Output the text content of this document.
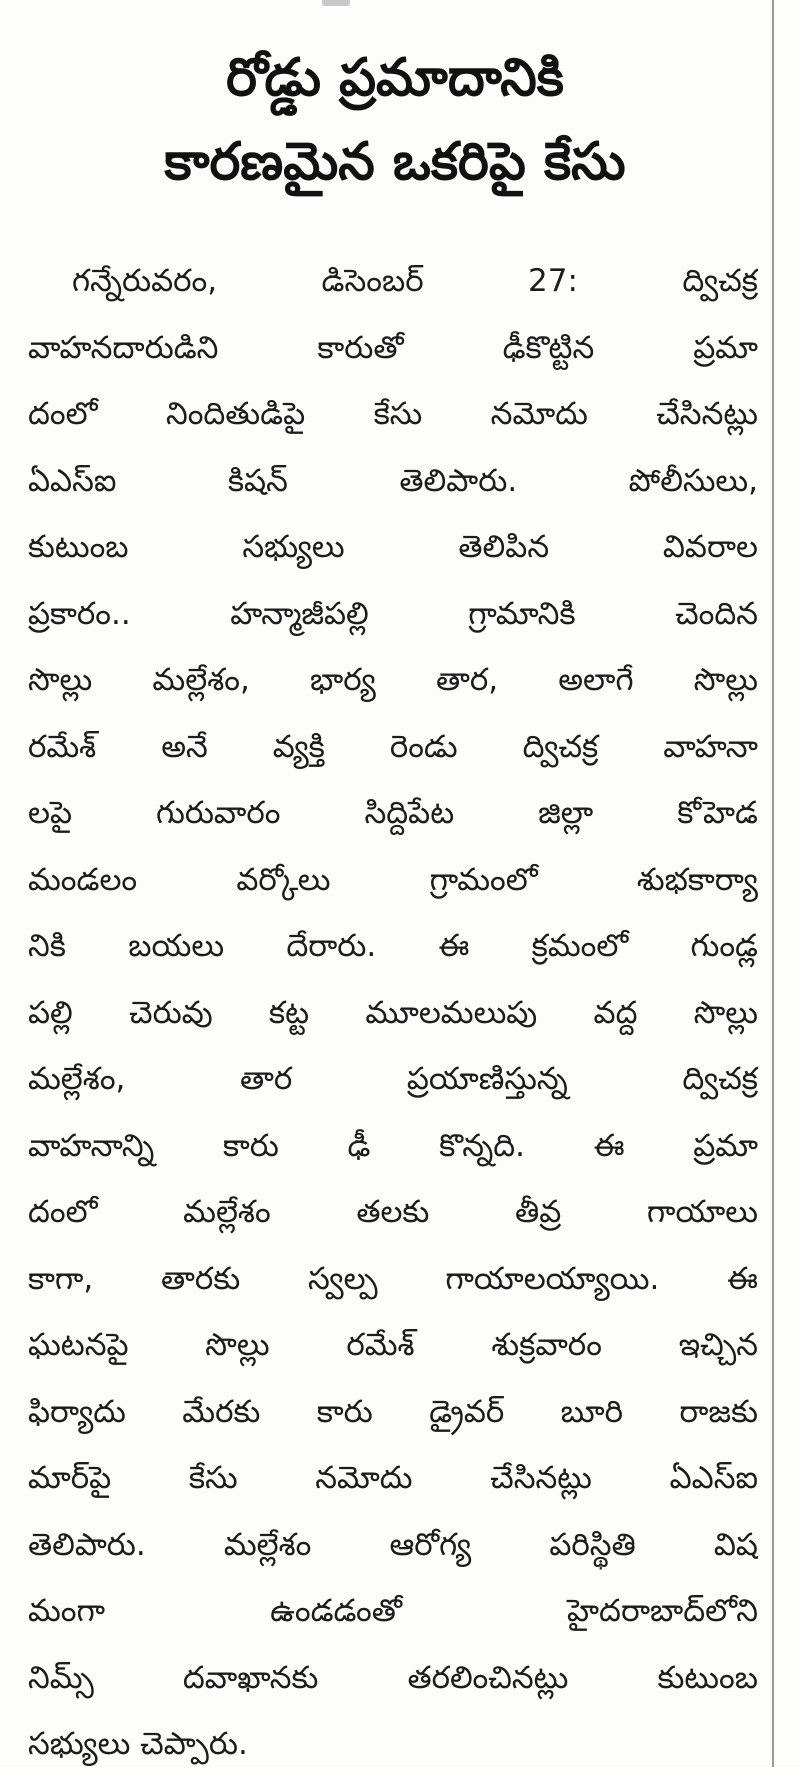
రోడ్డు ప్రమాదానికి
కారణమైన ఒకరిపై కేసు
గన్నేరువరం, డిసెంబర్ 27: ద్విచక్ర
వాహనదారుడిని కారుతో ఢీకొట్టిన ప్రమా
దంలో నిందితుడిపై కేసు నమోదు చేసినట్లు
ఏఎస్ఐ కిషన్ తెలిపారు. పోలీసులు,
కుటుంబ సభ్యులు తెలిపిన వివరాల
ప్రకారం.. హన్మాజీపల్లి గ్రామానికి చెందిన
సొల్లు మల్లేశం, భార్య తార, అలాగే సొల్లు
రమేశ్ అనే వ్యక్తి రెండు ద్విచక్ర వాహనా
లపై గురువారం సిద్దిపేట జిల్లా కోహెడ
మండలం వర్కోలు గ్రామంలో శుభకార్యా
నికి బయలు దేరారు. ఈ క్రమంలో గుండ్ల
పల్లి చెరువు కట్ట మూలమలుపు వద్ద సొల్లు
మల్లేశం, తార ప్రయాణిస్తున్న ద్విచక్ర
వాహనాన్ని కారు ఢీ కొన్నది. ఈ ప్రమా
దంలో మల్లేశం తలకు తీవ్ర గాయాలు
కాగా, తారకు స్వల్ప గాయాలయ్యాయి. ఈ
ఘటనపై సొల్లు రమేశ్ శుక్రవారం ఇచ్చిన
ఫిర్యాదు మేరకు కారు డ్రైవర్ బూరి రాజకు
మార్‌పై కేసు నమోదు చేసినట్లు ఏఎస్ఐ
తెలిపారు. మల్లేశం ఆరోగ్య పరిస్థితి విష
మంగా ఉండడంతో హైదరాబాద్‌లోని
నిమ్స్ దవాఖానకు తరలించినట్లు కుటుంబ
సభ్యులు చెప్పారు.
